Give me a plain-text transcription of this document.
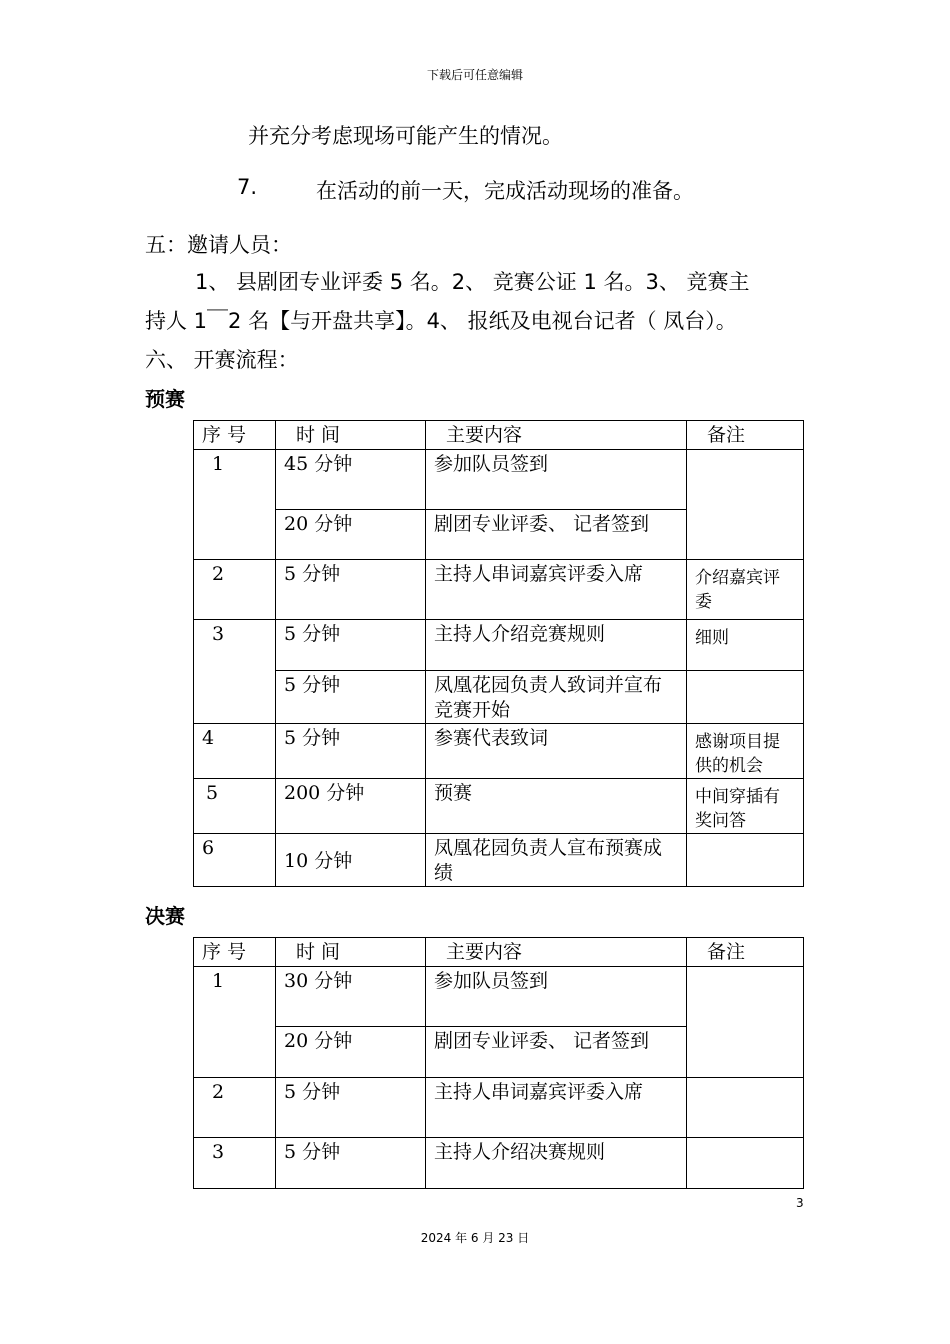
下载后可任意编辑
并充分考虑现场可能产生的情况。
7.	在活动的前一天，完成活动现场的准备。
五：邀请人员：
1、 县剧团专业评委 5 名。2、 竞赛公证 1 名。3、 竞赛主
持人 1￣2 名【与开盘共享】。4、 报纸及电视台记者（ 凤台）。
六、 开赛流程：
预赛
序 号	时 间	主要内容	备注
1	45 分钟	参加队员签到	
	20 分钟	剧团专业评委、 记者签到	
2	5 分钟	主持人串词嘉宾评委入席	介绍嘉宾评委
3	5 分钟	主持人介绍竞赛规则	细则
	5 分钟	凤凰花园负责人致词并宣布竞赛开始	
4	5 分钟	参赛代表致词	感谢项目提供的机会
5	200 分钟	预赛	中间穿插有奖问答
6	10 分钟	凤凰花园负责人宣布预赛成绩	
决赛
序 号	时 间	主要内容	备注
1	30 分钟	参加队员签到	
	20 分钟	剧团专业评委、 记者签到	
2	5 分钟	主持人串词嘉宾评委入席	
3	5 分钟	主持人介绍决赛规则	
3
2024 年 6 月 23 日
